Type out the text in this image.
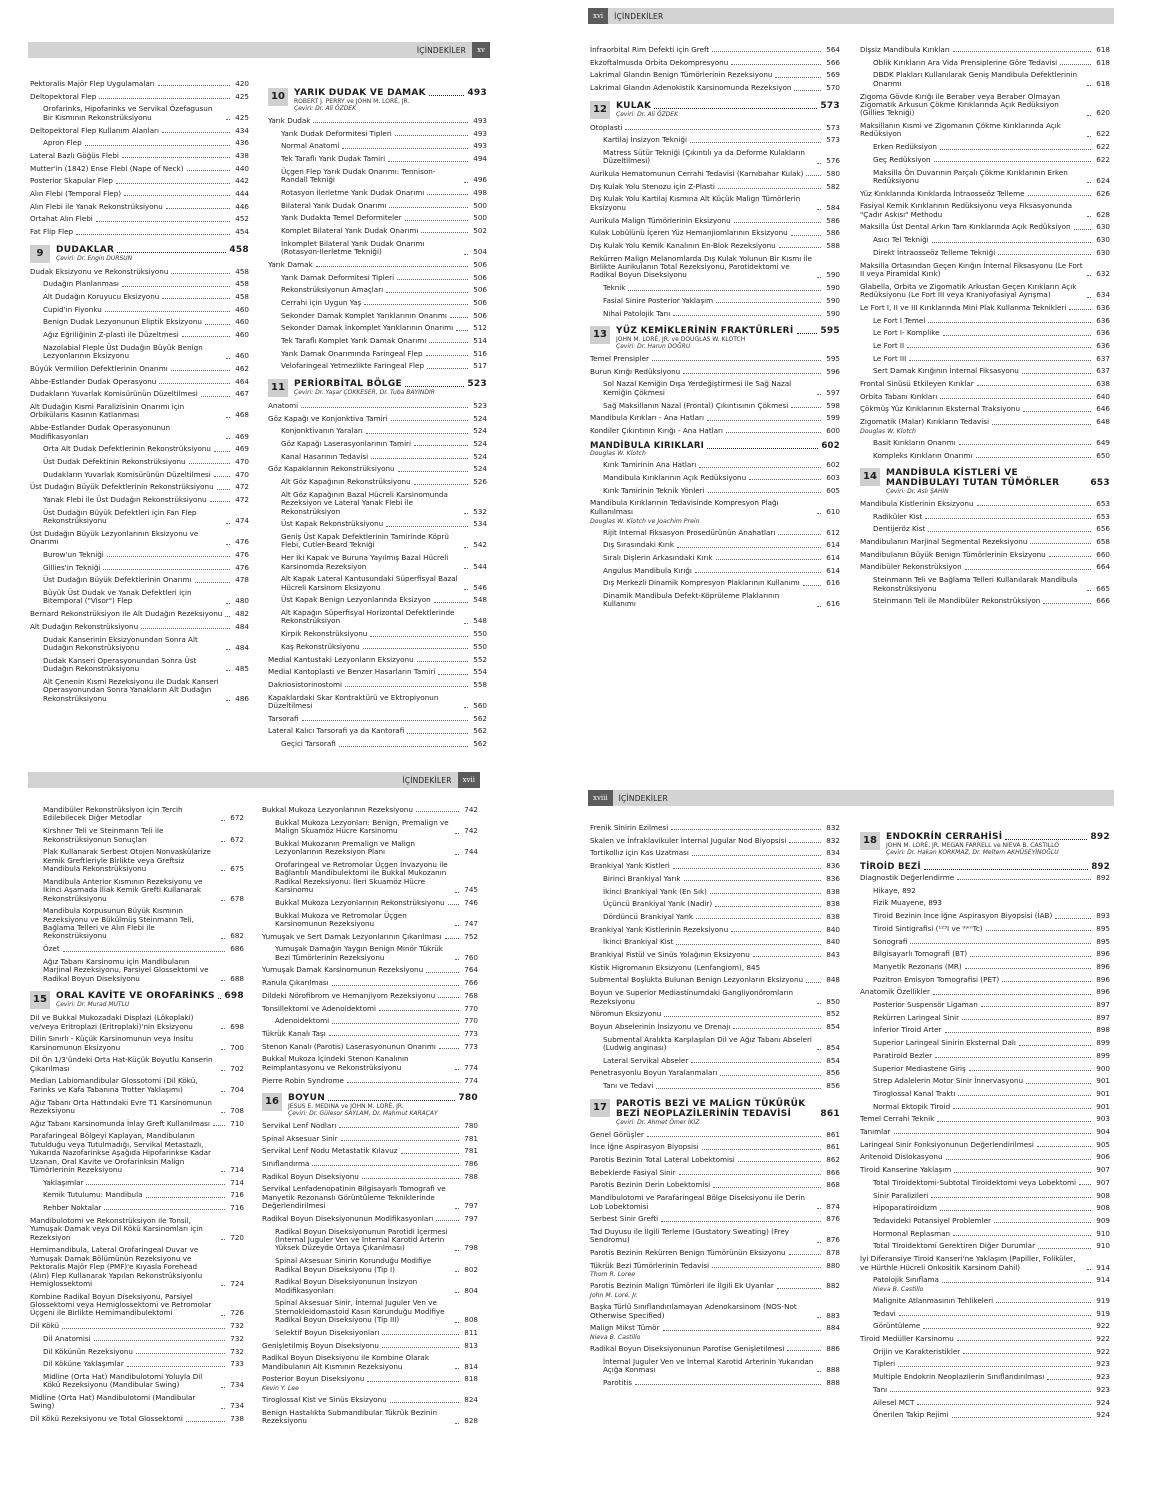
İÇİNDEKİLER	xv
Pektoralis Majör Flep Uygulamaları	420
Deltopektoral Flep	425
Orofarinks, Hipofarinks ve Servikal Özefagusun Bir Kısmının Rekonstrüksiyonu	425
Deltopektoral Flep Kullanım Alanları	434
Apron Flep	436
Lateral Bazlı Göğüs Flebi	438
Mutter'in (1842) Ense Flebi (Nape of Neck)	440
Posterior Skapular Flep	442
Alın Flebi (Temporal Flep)	444
Alın Flebi ile Yanak Rekonstrüksiyonu	446
Ortahat Alın Flebi	452
Fat Flip Flep	454
9	DUDAKLAR	458
Çeviri: Dr. Engin DURSUN
Dudak Eksizyonu ve Rekonstrüksiyonu	458
Dudağın Planlanması	458
Alt Dudağın Koruyucu Eksizyonu	458
Cupid'in Fiyonku	460
Benign Dudak Lezyonunun Eliptik Eksizyonu	460
Ağız Eğriliğinin Z-plasti ile Düzeltmesi	460
Nazolabial Fleple Üst Dudağın Büyük Benign Lezyonlarının Eksizyonu	460
Büyük Vermilion Defektlerinin Onarımı	462
Abbe-Estlander Dudak Operasyonu	464
Dudakların Yuvarlak Komisürünün Düzeltilmesi	467
Alt Dudağın Kısmi Paralizisinin Onarımı için Orbikülaris Kasının Katlanması	468
Abbe-Estlander Dudak Operasyonunun Modifikasyonları	469
Orta Alt Dudak Defektlerinin Rekonstrüksiyonu	469
Üst Dudak Defektinin Rekonstrüksiyonu	470
Dudakların Yuvarlak Komisürünün Düzeltilmesi	470
Üst Dudağın Büyük Defektlerinin Rekonstrüksiyonu	472
Yanak Flebi ile Üst Dudağın Rekonstrüksiyonu	472
Üst Dudağın Büyük Defektleri için Fan Flep Rekonstrüksiyonu	474
Üst Dudağın Büyük Lezyonlarının Eksizyonu ve Onarımı	476
Burow'un Tekniği	476
Gillies'in Tekniği	476
Üst Dudağın Büyük Defektlerinin Onarımı	478
Büyük Üst Dudak ve Yanak Defektleri için Bitemporal ("Visor") Flep	480
Bernard Rekonstrüksiyon ile Alt Dudağın Rezeksiyonu	482
Alt Dudağın Rekonstrüksiyonu	484
Dudak Kanserinin Eksizyonundan Sonra Alt Dudağın Rekonstrüksiyonu	484
Dudak Kanseri Operasyonundan Sonra Üst Dudağın Rekonstrüksiyonu	485
Alt Çenenin Kısmi Rezeksiyonu ile Dudak Kanseri Operasyonundan Sonra Yanakların Alt Dudağın Rekonstrüksiyonu	486
10	YARIK DUDAK VE DAMAK	493
ROBERT J. PERRY ve JOHN M. LORÉ, JR.
Çeviri: Dr. Ali ÖZDEK
Yarık Dudak	493
Yarık Dudak Deformitesi Tipleri	493
Normal Anatomi	493
Tek Taraflı Yarık Dudak Tamiri	494
Üçgen Flep Yarık Dudak Onarımı: Tennison-Randall Tekniği	496
Rotasyon İlerletme Yarık Dudak Onarımı	498
Bilateral Yarık Dudak Onarımı	500
Yarık Dudakta Temel Deformiteler	500
Komplet Bilateral Yarık Dudak Onarımı	502
İnkomplet Bilateral Yarık Dudak Onarımı (Rotasyon-İlerletme Tekniği)	504
Yarık Damak	506
Yarık Damak Deformitesi Tipleri	506
Rekonstrüksiyonun Amaçları	506
Cerrahi için Uygun Yaş	506
Sekonder Damak Komplet Yarıklarının Onarımı	506
Sekonder Damak İnkomplet Yarıklarının Onarımı	512
Tek Taraflı Komplet Yarık Damak Onarımı	514
Yarık Damak Onarımında Faringeal Flep	516
Velofaringeal Yetmezlikte Faringeal Flep	517
11	PERİORBİTAL BÖLGE	523
Çeviri: Dr. Yaşar ÇOKKESER, Dr. Tuba BAYINDIR
Anatomi	523
Göz Kapağı ve Konjonktiva Tamiri	524
Konjonktivanın Yaraları	524
Göz Kapağı Laserasyonlarının Tamiri	524
Kanal Hasarının Tedavisi	524
Göz Kapaklarının Rekonstrüksiyonu	524
Alt Göz Kapağının Rekonstrüksiyonu	526
Alt Göz Kapağının Bazal Hücreli Karsinomunda Rezeksiyon ve Lateral Yanak Flebi ile Rekonstrüksiyon	532
Üst Kapak Rekonstrüksiyonu	534
Geniş Üst Kapak Defektlerinin Tamirinde Köprü Flebi, Cutler-Beard Tekniği	542
Her İki Kapak ve Buruna Yayılmış Bazal Hücreli Karsinomda Rezeksiyon	544
Alt Kapak Lateral Kantusundaki Süperfisyal Bazal Hücreli Karsinom Eksizyonu	546
Üst Kapak Benign Lezyonlarında Eksizyon	548
Alt Kapağın Süperfisyal Horizontal Defektlerinde Rekonstrüksiyon	548
Kirpik Rekonstrüksiyonu	550
Kaş Rekonstrüksiyonu	550
Medial Kantustaki Lezyonların Eksizyonu	552
Medial Kantoplasti ve Benzer Hasarların Tamiri	554
Dakriosistorinostomi	558
Kapaklardaki Skar Kontraktürü ve Ektropiyonun Düzeltilmesi	560
Tarsorafi	562
Lateral Kalıcı Tarsorafi ya da Kantorafi	562
Geçici Tarsorafi	562
xvi	İÇİNDEKİLER
İnfraorbital Rim Defekti için Greft	564
Ekzoftalmusda Orbita Dekompresyonu	566
Lakrimal Glandın Benign Tümörlerinin Rezeksiyonu	569
Lakrimal Glandın Adenokistik Karsinomunda Rezeksiyon	570
12	KULAK	573
Çeviri: Dr. Ali ÖZDEK
Otoplasti	573
Kartilaj İnsizyon Tekniği	573
Matress Sütür Tekniği (Çıkıntılı ya da Deforme Kulakların Düzeltilmesi)	576
Aurikula Hematomunun Cerrahi Tedavisi (Karnıbahar Kulak)	580
Dış Kulak Yolu Stenozu için Z-Plasti	582
Dış Kulak Yolu Kartilaj Kısmına Alt Küçük Malign Tümörlerin Eksizyonu	584
Aurikula Malign Tümörlerinin Eksizyonu	586
Kulak Lobülünü İçeren Yüz Hemanjiomlarının Eksizyonu	586
Dış Kulak Yolu Kemik Kanalının En-Blok Rezeksiyonu	588
Rekürren Malign Melanomlarda Dış Kulak Yolunun Bir Kısmı ile Birlikte Aurikulanın Total Rezeksiyonu, Parotidektomi ve Radikal Boyun Diseksiyonu	590
Teknik	590
Fasial Sinire Posterior Yaklaşım	590
Nihai Patolojik Tanı	590
13	YÜZ KEMİKLERİNİN FRAKTÜRLERİ	595
JOHN M. LORÉ, JR. ve DOUGLAS W. KLOTCH
Çeviri: Dr. Harun DOĞRU
Temel Prensipler	595
Burun Kırığı Redüksiyonu	596
Sol Nazal Kemiğin Dışa Yerdeğiştirmesi ile Sağ Nazal Kemiğin Çökmesi	597
Sağ Maksillanın Nazal (Frontal) Çıkıntısının Çökmesi	598
Mandibula Kırıkları - Ana Hatları	599
Kondiler Çıkıntının Kırığı - Ana Hatları	600
MANDİBULA KIRIKLARI	602
Douglas W. Klotch
Kırık Tamirinin Ana Hatları	602
Mandibula Kırıklarının Açık Redüksiyonu	603
Kırık Tamirinin Teknik Yönleri	605
Mandibula Kırıklarının Tedavisinde Kompresyon Plağı Kullanılması	610
Douglas W. Klotch ve Joachim Prein
Rijit İnternal Fiksasyon Prosedürünün Anahatları	612
Dış Sırasındaki Kırık	614
Sıralı Dişlerin Arkasındaki Kırık	614
Angulus Mandibula Kırığı	614
Dış Merkezli Dinamik Kompresyon Plaklarının Kullanımı	616
Dinamik Mandibula Defekt-Köprüleme Plaklarının Kullanımı	616
Dişsiz Mandibula Kırıkları	618
Oblik Kırıkların Ara Vida Prensiplerine Göre Tedavisi	618
DBDK Plakları Kullanılarak Geniş Mandibula Defektlerinin Onarımı	618
Zigoma Gövde Kırığı ile Beraber veya Beraber Olmayan Zigomatik Arkusun Çökme Kırıklarında Açık Redüksiyon (Gillies Tekniği)	620
Maksillanın Kısmi ve Zigomanın Çökme Kırıklarında Açık Redüksiyon	622
Erken Redüksiyon	622
Geç Redüksiyon	622
Maksilla Ön Duvarının Parçalı Çökme Kırıklarının Erken Redüksiyonu	624
Yüz Kırıklarında Kırıklarda İntraosseöz Telleme	626
Fasiyal Kemik Kırıklarının Redüksiyonu veya Fiksasyonunda "Çadır Askısı" Methodu	628
Maksilla Üst Dental Arkın Tam Kırıklarında Açık Redüksiyon	630
Asıcı Tel Tekniği	630
Direkt İntraosseöz Telleme Tekniği	630
Maksilla Ortasından Geçen Kırığın İnternal Fiksasyonu (Le Fort II veya Piramidal Kırık)	632
Glabella, Orbita ve Zigomatik Arkustan Geçen Kırıkların Açık Redüksiyonu (Le Fort III veya Kraniyofasiyal Ayrışma)	634
Le Fort I, II ve III Kırıklarında Mini Plak Kullanma Teknikleri	636
Le Fort I Temel	636
Le Fort I- Komplike	636
Le Fort II	636
Le Fort III	637
Sert Damak Kırığının İnternal Fiksasyonu	637
Frontal Sinüsü Etkileyen Kırıklar	638
Orbita Tabanı Kırıkları	640
Çökmüş Yüz Kırıklarının Eksternal Traksiyonu	646
Zigomatik (Malar) Kırıkların Tedavisi	648
Douglas W. Klotch
Basit Kırıkların Onarımı	649
Kompleks Kırıkların Onarımı	650
14	MANDİBULA KİSTLERİ VE MANDİBULAYI TUTAN TÜMÖRLER	653
Çeviri: Dr. Aslı ŞAHİN
Mandibula Kistlerinin Eksizyonu	653
Radiküler Kist	653
Dentijeröz Kist	656
Mandibulanın Marjinal Segmental Rezeksiyonu	658
Mandibulanın Büyük Benign Tümörlerinin Eksizyonu	660
Mandibüler Rekonstrüksiyon	664
Steinmann Teli ve Bağlama Telleri Kullanılarak Mandibula Rekonstrüksiyonu	665
Steinmann Teli ile Mandibüler Rekonstrüksiyon	666
İÇİNDEKİLER	xvii
Mandibüler Rekonstrüksiyon için Tercih Edilebilecek Diğer Metodlar	672
Kirshner Teli ve Steinmann Teli ile Rekonstrüksiyonun Sonuçları	672
Plak Kullanarak Serbest Otojen Nonvaskülarize Kemik Greftleriyle Birlikte veya Greftsiz Mandibula Rekonstrüksiyonu	675
Mandibula Anterior Kısmının Rezeksiyonu ve İkinci Aşamada İliak Kemik Grefti Kullanarak Rekonstrüksiyonu	678
Mandibula Korpusunun Büyük Kısmının Rezeksiyonu ve Bükülmüş Steinmann Teli, Bağlama Telleri ve Alın Flebi ile Rekonstrüksiyonu	682
Özet	686
Ağız Tabanı Karsinomu için Mandibulanın Marjinal Rezeksiyonu, Parsiyel Glossektomi ve Radikal Boyun Diseksiyonu	688
15	ORAL KAVİTE VE OROFARİNKS 698
Çeviri: Dr. Murad MUTLU
Dil ve Bukkal Mukozadaki Displazi (Lökoplaki) ve/veya Eritroplazi (Eritroplaki)'nin Eksizyonu	698
Dilin Sınırlı - Küçük Karsinomunun veya İnsitu Karsinomunun Eksizyonu	700
Dil Ön 1/3'ündeki Orta Hat-Küçük Boyutlu Kanserin Çıkarılması	702
Median Labiomandibular Glossotomi (Dil Kökü, Farinks ve Kafa Tabanına Trotter Yaklaşımı)	704
Ağız Tabanı Orta Hattındaki Evre T1 Karsinomunun Rezeksiyonu	708
Ağız Tabanı Karsinomunda İnlay Greft Kullanılması	710
Parafaringeal Bölgeyi Kaplayan, Mandibulanın Tutulduğu veya Tutulmadığı, Servikal Metastazlı, Yukarıda Nazofarinkse Aşağıda Hipofarinkse Kadar Uzanan, Oral Kavite ve Orofarinksin Malign Tümörlerinin Rezeksiyonu	714
Yaklaşımlar	714
Kemik Tutulumu: Mandibula	716
Rehber Noktalar	716
Mandibulotomi ve Rekonstrüksiyon ile Tonsil, Yumuşak Damak veya Dil Kökü Karsinomları için Rezeksiyon	720
Hemimandibula, Lateral Orofaringeal Duvar ve Yumuşak Damak Bölümünün Rezeksiyonu ve Pektoralis Majör Flep (PMF)'e Kıyasla Forehead (Alın) Flep Kullanarak Yapılan Rekonstrüksiyonlu Hemiglossektomi	724
Kombine Radikal Boyun Diseksiyonu, Parsiyel Glossektomi veya Hemiglossektomi ve Retromolar Üçgeni ile Birlikte Hemimandibulektomi	726
Dil Kökü	732
Dil Anatomisi	732
Dil Kökünün Rezeksiyonu	732
Dil Köküne Yaklaşımlar	733
Midline (Orta Hat) Mandibulotomi Yoluyla Dil Kökü Rezeksiyonu (Mandibular Swing)	734
Midline (Orta Hat) Mandibulotomi (Mandibular Swing)	734
Dil Kökü Rezeksiyonu ve Total Glossektomi	738
Bukkal Mukoza Lezyonlarının Rezeksiyonu	742
Bukkal Mukoza Lezyonları: Benign, Premalign ve Malign Skuamöz Hücre Karsinomu	742
Bukkal Mukozanın Premalign ve Malign Lezyonlarının Rezeksiyon Planı	744
Orofaringeal ve Retromolar Üçgen İnvazyonu ile Bağlantılı Mandibulektomi ile Bukkal Mukozanın Radikal Rezeksiyonu: İleri Skuamöz Hücre Karsinomu	745
Bukkal Mukoza Lezyonlarının Rekonstrüksiyonu	746
Bukkal Mukoza ve Retromolar Üçgen Karsinomunun Rezeksiyonu	747
Yumuşak ve Sert Damak Lezyonlarının Çıkarılması	752
Yumuşak Damağın Yaygın Benign Minör Tükrük Bezi Tümörlerinin Rezeksiyonu	760
Yumuşak Damak Karsinomunun Rezeksiyonu	764
Ranula Çıkarılması	766
Dildeki Nörofibrom ve Hemanjiyom Rezeksiyonu	768
Tonsillektomi ve Adenoidektomi	770
Adenoidektomi	770
Tükrük Kanalı Taşı	773
Stenon Kanalı (Parotis) Laserasyonunun Onarımı	773
Bukkal Mukoza İçindeki Stenon Kanalının Reimplantasyonu ve Rekonstrüksiyonu	774
Pierre Robin Syndrome	774
16	BOYUN	780
JESUS E. MEDINA ve JOHN M. LORÉ, JR.
Çeviri: Dr. Gülesor SAYLAM, Dr. Mahmut KARAÇAY
Servikal Lenf Nodları	780
Spinal Aksesuar Sinir	781
Servikal Lenf Nodu Metastatik Kılavuz	781
Sınıflandırma	786
Radikal Boyun Diseksiyonu	788
Servikal Lenfadenopatinin Bilgisayarlı Tomografi ve Manyetik Rezonanslı Görüntüleme Tekniklerinde Değerlendirilmesi	797
Radikal Boyun Diseksiyonunun Modifikasyonları	797
Radikal Boyun Diseksiyonunun Parotidi İçermesi (İnternal Juguler Ven ve İnternal Karotid Arterin Yüksek Düzeyde Ortaya Çıkarılması)	798
Spinal Aksesuar Sinirin Korunduğu Modifiye Radikal Boyun Diseksiyonu (Tip I)	802
Radikal Boyun Diseksiyonunun İnsizyon Modifikasyonları	804
Spinal Aksesuar Sinir, İnternal Juguler Ven ve Sternokleidomastoid Kasın Korunduğu Modifiye Radikal Boyun Diseksiyonu (Tip III)	808
Selektif Boyun Diseksiyonları	811
Genişletilmiş Boyun Diseksiyonu	813
Radikal Boyun Diseksiyonu ile Kombine Olarak Mandibulanın Alt Kısmının Rezeksiyonu	814
Posterior Boyun Diseksiyonu	818
Kevin Y. Lee
Tiroglossal Kist ve Sinüs Eksizyonu	824
Benign Hastalıkta Submandibular Tükrük Bezinin Rezeksiyonu	828
xviii	İÇİNDEKİLER
Frenik Sinirin Ezilmesi	832
Skalen ve İnfraklavikuler İnternal Jugular Nod Biyopsisi	832
Tortikollız için Kas Uzatması	834
Brankiyal Yarık Kistleri	836
Birinci Brankiyal Yarık	836
İkinci Brankiyal Yarık (En Sık)	838
Üçüncü Brankiyal Yarık (Nadir)	838
Dördüncü Brankiyal Yarık	838
Brankiyal Yarık Kistlerinin Rezeksiyonu	840
İkinci Brankiyal Kist	840
Brankiyal Fistül ve Sinüs Yolağının Eksizyonu	843
Kistik Higromanın Eksizyonu (Lenfangiom), 845
Submental Boşlukta Bulunan Benign Lezyonların Eksizyonu	848
Boyun ve Superior Mediastinumdaki Gangliyonöromların Rezeksiyonu	850
Nöromun Eksizyonu	852
Boyun Abselerinin İnsizyonu ve Drenajı	854
Submental Aralıkta Karşılaşılan Dil ve Ağız Tabanı Abseleri (Ludwig anginası)	854
Lateral Servikal Abseler	854
Penetrasyonlu Boyun Yaralanmaları	856
Tanı ve Tedavi	856
17	PAROTİS BEZİ VE MALİGN TÜKÜRÜK BEZİ NEOPLAZİLERİNİN TEDAVİSİ	861
Çeviri: Dr. Ahmet Ömer İKİZ
Genel Görüşler	861
İnce İğne Aspirasyon Biyopsisi	861
Parotis Bezinin Total Lateral Lobektomisi	862
Bebeklerde Fasiyal Sinir	866
Parotis Bezinin Derin Lobektomisi	868
Mandibulotomi ve Parafaringeal Bölge Diseksiyonu ile Derin Lob Lobektomisi	874
Serbest Sinir Grefti	876
Tad Duyusu ile İlgili Terleme (Gustatory Sweating) (Frey Sendromu)	876
Parotis Bezinin Rekürren Benign Tümörünün Eksizyonu	878
Tükrük Bezi Tümörlerinin Tedavisi	880
Thom R. Loree
Parotis Bezinin Malign Tümörleri ile İlgili Ek Uyarılar	882
John M. Loré, Jr.
Başka Türlü Sınıflandırılamayan Adenokarsinom (NOS-Not Otherwise Specified)	883
Malign Mikst Tümör	884
Nieva B. Castillo
Radikal Boyun Diseksiyonunun Parotise Genişletilmesi	886
İnternal Juguler Ven ve İnternal Karotid Arterinin Yukarıdan Açığa Konması	888
Parotitis	888
18	ENDOKRİN CERRAHİSİ	892
JOHN M. LORÉ, JR. MEGAN FARRELL ve NIEVA B. CASTILLO
Çeviri: Dr. Hakan KORKMAZ, Dr. Meltem AKHÜSEYİNOĞLU
TİROİD BEZİ	892
Diagnostik Değerlendirme	892
Hikaye, 892
Fizik Muayene, 893
Tiroid Bezinin İnce İğne Aspirasyon Biyopsisi (İAB)	893
Tiroid Sintigrafisi (¹²³I ve ⁹⁹ᵐTc)	895
Sonografi	895
Bilgisayarlı Tomografi (BT)	896
Manyetik Rezonans (MR)	896
Pozitron Emisyon Tomografisi (PET)	896
Anatomik Özellikler	896
Posterior Suspensör Ligaman	897
Rekürren Laringeal Sinir	897
İnferior Tiroid Arter	898
Superior Laringeal Sinirin Eksternal Dalı	899
Paratiroid Bezler	899
Superior Mediastene Giriş	900
Strep Adalelerin Motor Sinir İnnervasyonu	901
Tiroglossal Kanal Traktı	901
Normal Ektopik Tiroid	901
Temel Cerrahi Teknik	903
Tanımlar	904
Laringeal Sinir Fonksiyonunun Değerlendirilmesi	905
Aritenoid Dislokasyonu	906
Tiroid Kanserine Yaklaşım	907
Total Tiroidektomi-Subtotal Tiroidektomi veya Lobektomi	907
Sinir Paralizileri	908
Hipoparatiroidizm	908
Tedavideki Potansiyel Problemler	909
Hormonal Replasman	910
Total Tiroidektomi Gerektiren Diğer Durumlar	910
İyi Diferansiye Tiroid Kanseri'ne Yaklaşım (Papiller, Foliküler, ve Hürthle Hücreli Onkositik Karsinom Dahil)	914
Patolojik Sınıflama	914
Nieva B. Castillo
Malignite Atlanmasının Tehlikeleri	919
Tedavi	919
Görüntüleme	922
Tiroid Medüller Karsinomu	922
Orijin ve Karakteristikler	922
Tipleri	923
Multiple Endokrin Neoplazilerin Sınıflandırılması	923
Tanı	923
Ailesel MCT	924
Önerilen Takip Rejimi	924
